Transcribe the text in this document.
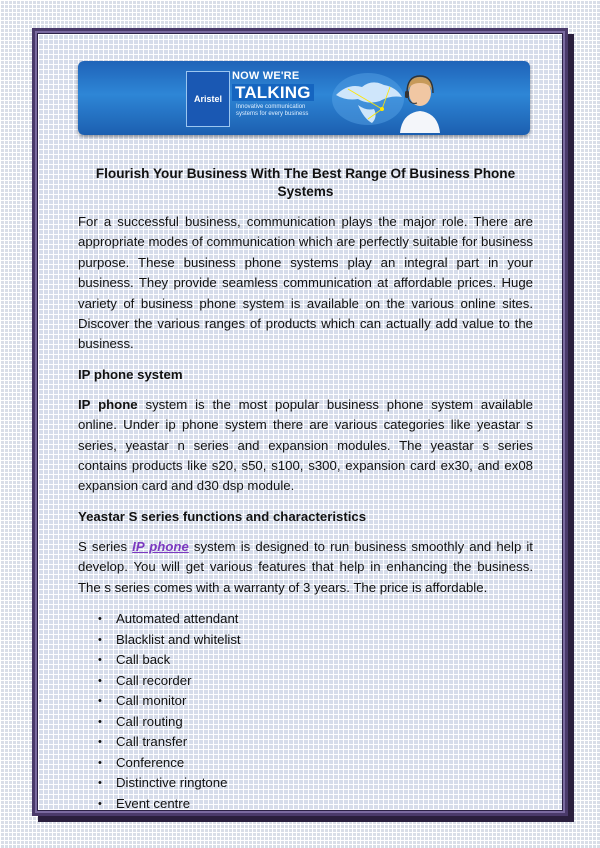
Aristel
NOW WE'RE
TALKING
Innovative communication systems for every business
Flourish Your Business With The Best Range Of Business Phone Systems

For a successful business, communication plays the major role. There are appropriate modes of communication which are perfectly suitable for business purpose. These business phone systems play an integral part in your business. They provide seamless communication at affordable prices. Huge variety of business phone system is available on the various online sites. Discover the various ranges of products which can actually add value to the business.

IP phone system

IP phone system is the most popular business phone system available online. Under ip phone system there are various categories like yeastar s series, yeastar n series and expansion modules. The yeastar s series contains products like s20, s50, s100, s300, expansion card ex30, and ex08 expansion card and d30 dsp module.

Yeastar S series functions and characteristics

S series IP phone system is designed to run business smoothly and help it develop. You will get various features that help in enhancing the business. The s series comes with a warranty of 3 years. The price is affordable.

• Automated attendant
• Blacklist and whitelist
• Call back
• Call recorder
• Call monitor
• Call routing
• Call transfer
• Conference
• Distinctive ringtone
• Event centre
